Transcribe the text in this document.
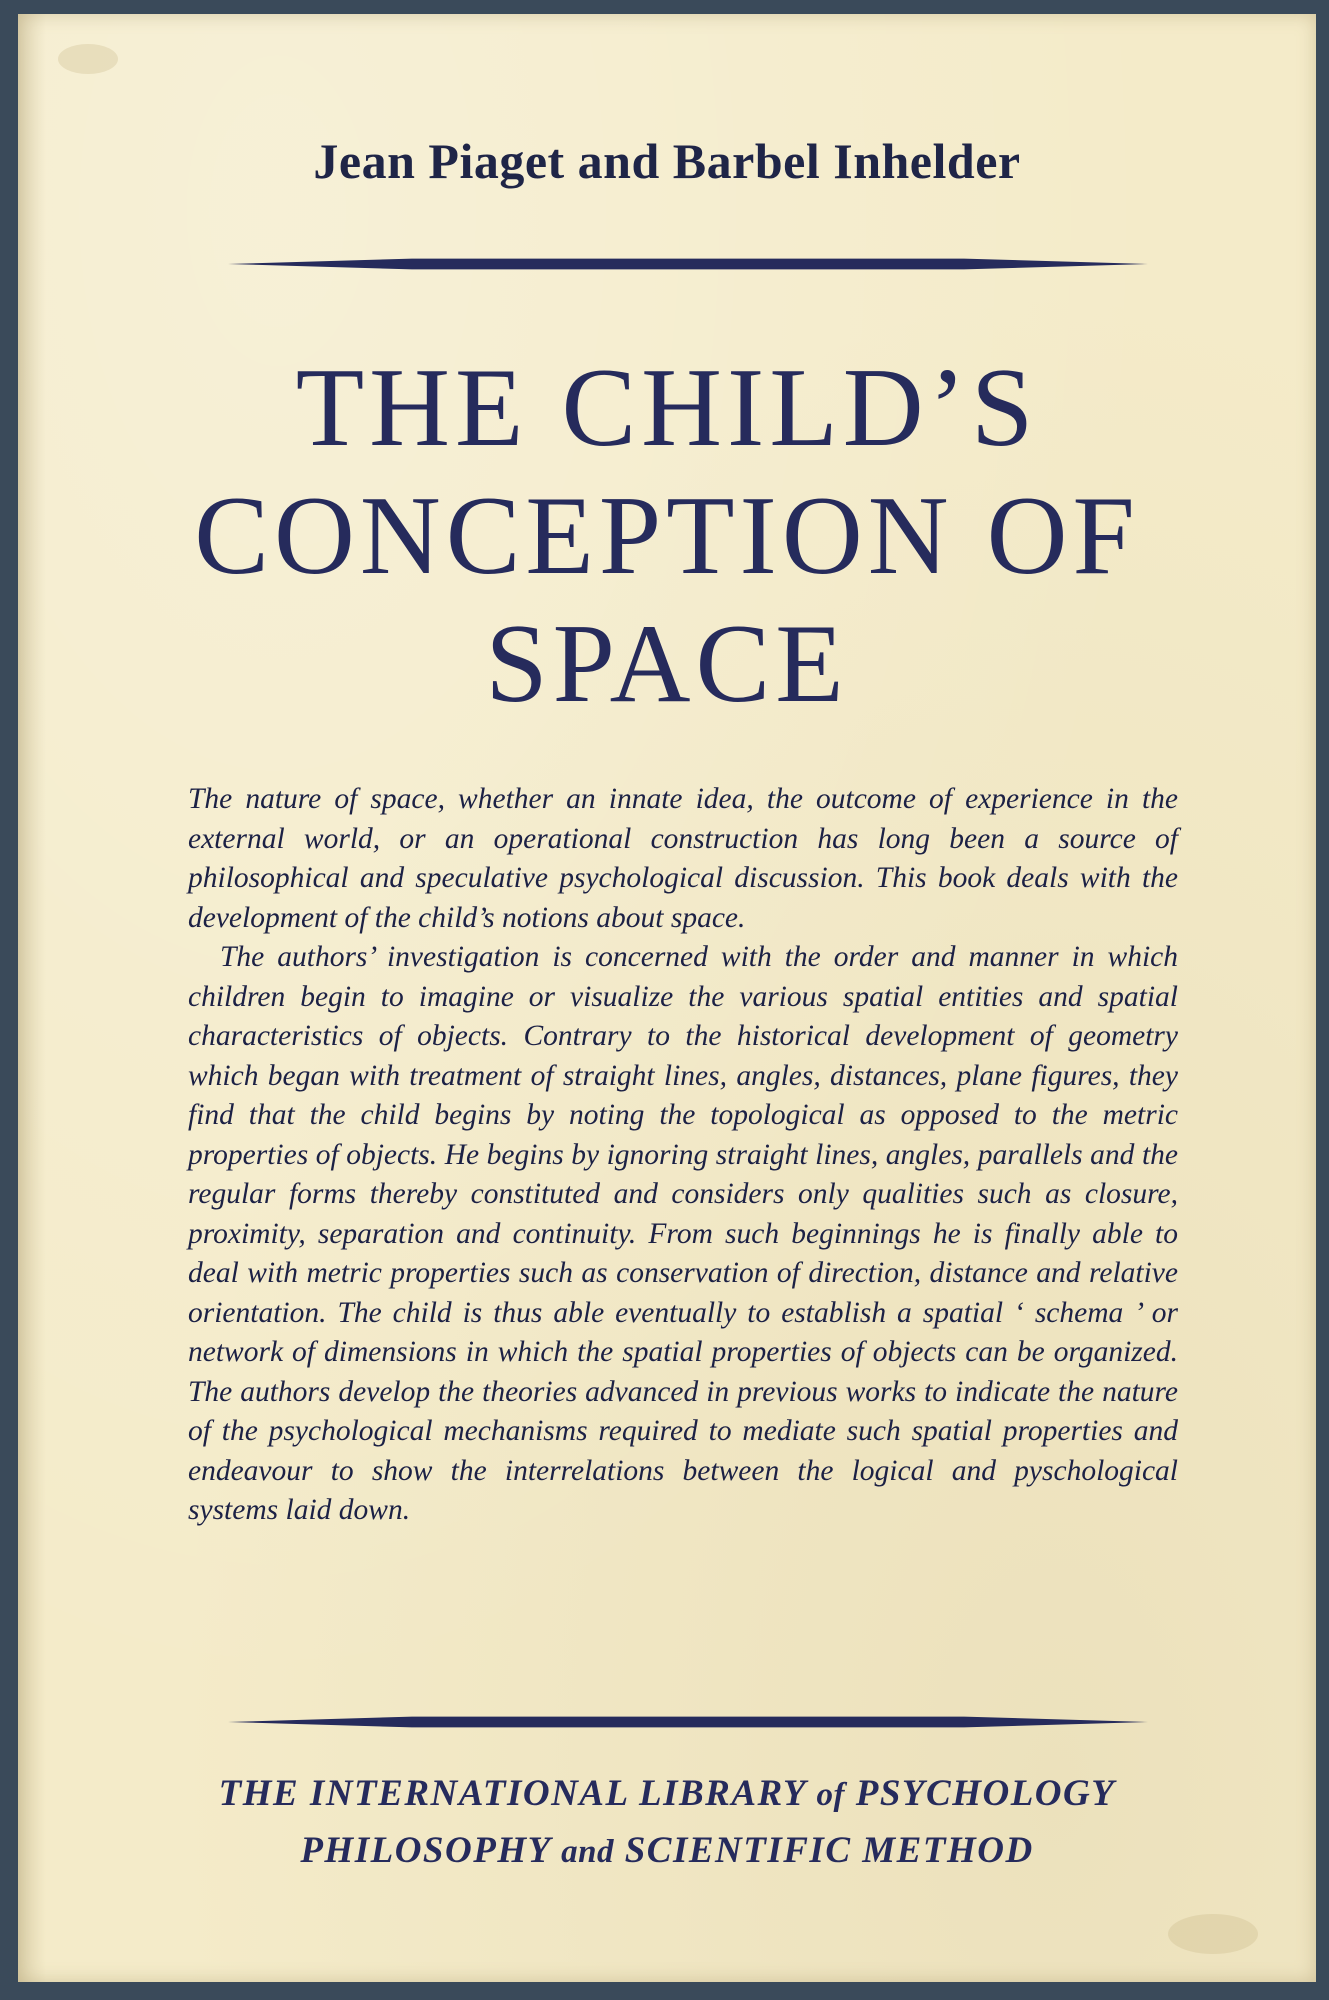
Jean Piaget and Barbel Inhelder
THE CHILD’S
CONCEPTION OF
SPACE

The nature of space, whether an innate idea, the outcome of experience in the external world, or an operational construction has long been a source of philosophical and speculative psychological discussion. This book deals with the development of the child’s notions about space.

The authors’ investigation is concerned with the order and manner in which children begin to imagine or visualize the various spatial entities and spatial characteristics of objects. Contrary to the historical development of geometry which began with treatment of straight lines, angles, distances, plane figures, they find that the child begins by noting the topological as opposed to the metric properties of objects. He begins by ignoring straight lines, angles, parallels and the regular forms thereby constituted and considers only qualities such as closure, proximity, separation and continuity. From such beginnings he is finally able to deal with metric properties such as conservation of direction, distance and relative orientation. The child is thus able eventually to establish a spatial ‘ schema ’ or network of dimensions in which the spatial properties of objects can be organized. The authors develop the theories advanced in previous works to indicate the nature of the psychological mechanisms required to mediate such spatial properties and endeavour to show the interrelations between the logical and pyschological systems laid down.

THE INTERNATIONAL LIBRARY of PSYCHOLOGY
PHILOSOPHY and SCIENTIFIC METHOD
